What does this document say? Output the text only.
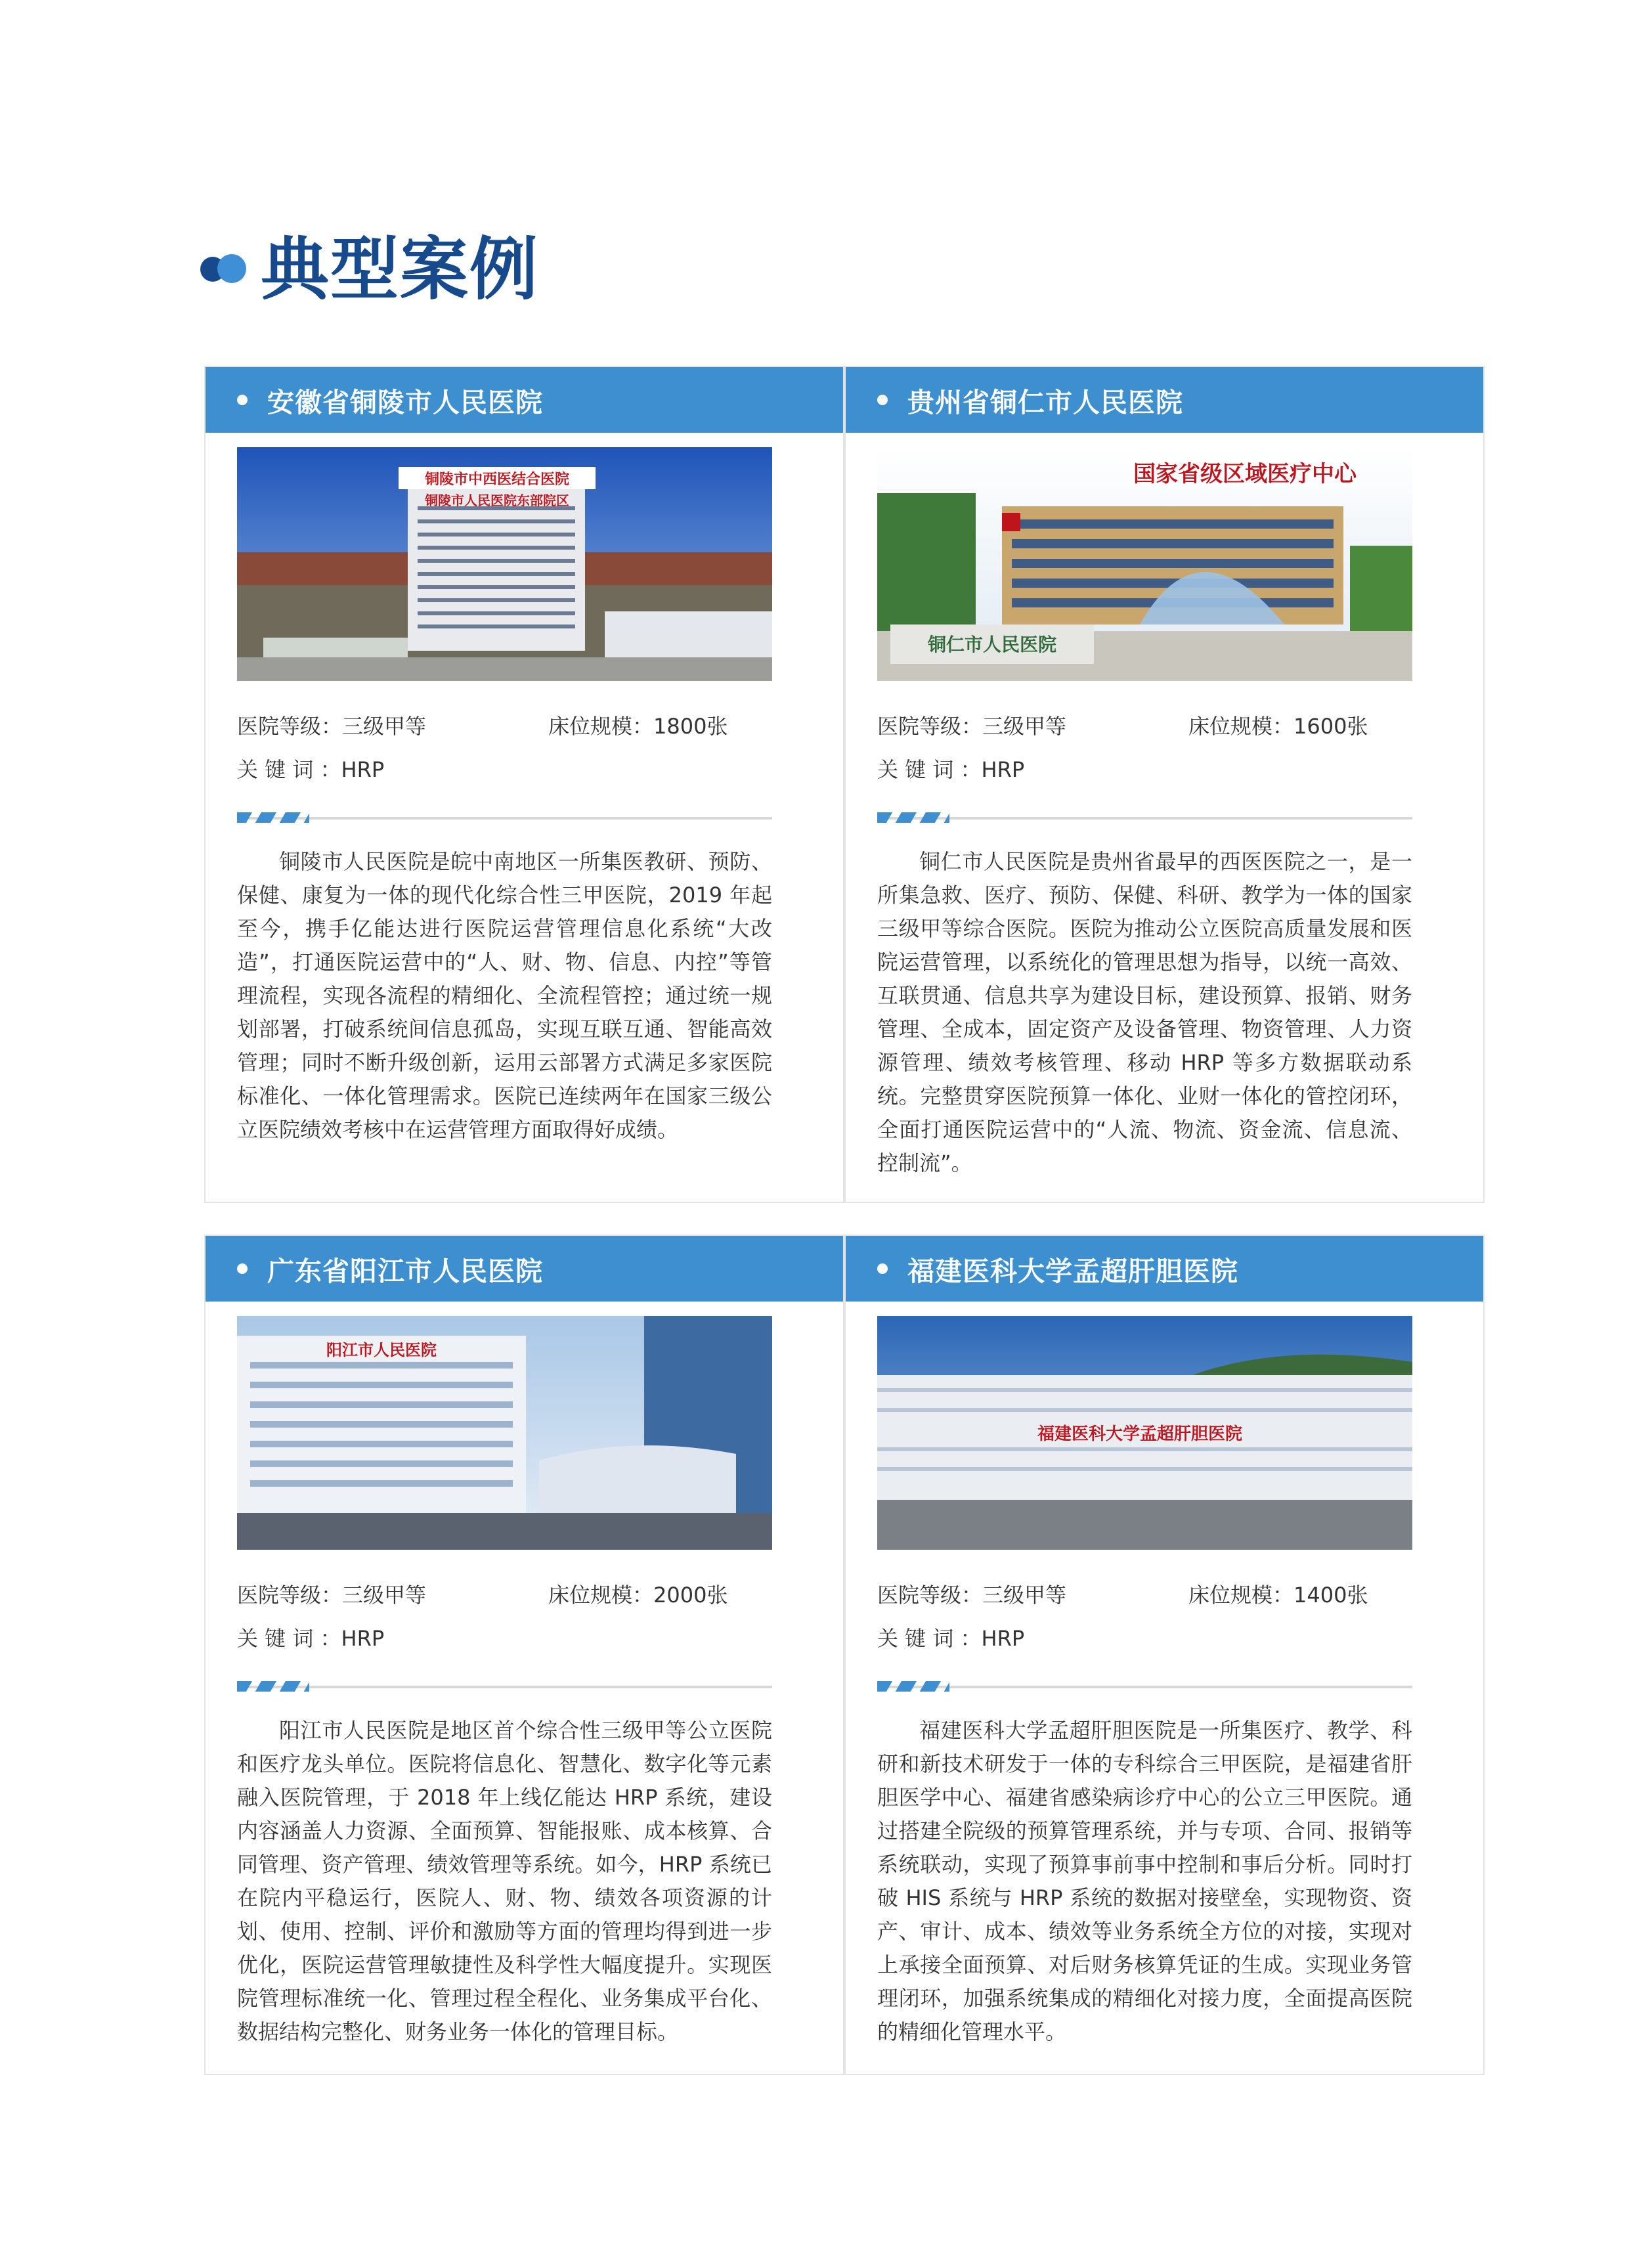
典型案例
安徽省铜陵市人民医院
铜陵市中西医结合医院
铜陵市人民医院东部院区
医院等级：三级甲等	床位规模：1800张
关 键 词 ：HRP
铜陵市人民医院是皖中南地区一所集医教研、预防、保健、康复为一体的现代化综合性三甲医院，2019 年起至今，携手亿能达进行医院运营管理信息化系统“大改造”，打通医院运营中的“人、财、物、信息、内控”等管理流程，实现各流程的精细化、全流程管控；通过统一规划部署，打破系统间信息孤岛，实现互联互通、智能高效管理；同时不断升级创新，运用云部署方式满足多家医院标准化、一体化管理需求。医院已连续两年在国家三级公立医院绩效考核中在运营管理方面取得好成绩。
贵州省铜仁市人民医院
国家省级区域医疗中心
铜仁市人民医院
医院等级：三级甲等	床位规模：1600张
关 键 词 ：HRP
铜仁市人民医院是贵州省最早的西医医院之一，是一所集急救、医疗、预防、保健、科研、教学为一体的国家三级甲等综合医院。医院为推动公立医院高质量发展和医院运营管理，以系统化的管理思想为指导，以统一高效、互联贯通、信息共享为建设目标，建设预算、报销、财务管理、全成本，固定资产及设备管理、物资管理、人力资源管理、绩效考核管理、移动 HRP 等多方数据联动系统。完整贯穿医院预算一体化、业财一体化的管控闭环，全面打通医院运营中的“人流、物流、资金流、信息流、控制流”。
广东省阳江市人民医院
阳江市人民医院
医院等级：三级甲等	床位规模：2000张
关 键 词 ：HRP
阳江市人民医院是地区首个综合性三级甲等公立医院和医疗龙头单位。医院将信息化、智慧化、数字化等元素融入医院管理，于 2018 年上线亿能达 HRP 系统，建设内容涵盖人力资源、全面预算、智能报账、成本核算、合同管理、资产管理、绩效管理等系统。如今，HRP 系统已在院内平稳运行，医院人、财、物、绩效各项资源的计划、使用、控制、评价和激励等方面的管理均得到进一步优化，医院运营管理敏捷性及科学性大幅度提升。实现医院管理标准统一化、管理过程全程化、业务集成平台化、数据结构完整化、财务业务一体化的管理目标。
福建医科大学孟超肝胆医院
福建医科大学孟超肝胆医院
医院等级：三级甲等	床位规模：1400张
关 键 词 ：HRP
福建医科大学孟超肝胆医院是一所集医疗、教学、科研和新技术研发于一体的专科综合三甲医院，是福建省肝胆医学中心、福建省感染病诊疗中心的公立三甲医院。通过搭建全院级的预算管理系统，并与专项、合同、报销等系统联动，实现了预算事前事中控制和事后分析。同时打破 HIS 系统与 HRP 系统的数据对接壁垒，实现物资、资产、审计、成本、绩效等业务系统全方位的对接，实现对上承接全面预算、对后财务核算凭证的生成。实现业务管理闭环，加强系统集成的精细化对接力度，全面提高医院的精细化管理水平。
